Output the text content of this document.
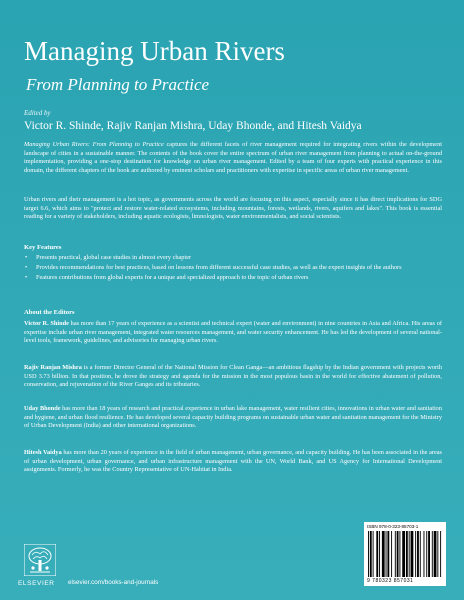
Managing Urban Rivers
From Planning to Practice
Edited by
Victor R. Shinde, Rajiv Ranjan Mishra, Uday Bhonde, and Hitesh Vaidya
Managing Urban Rivers: From Planning to Practice captures the different facets of river management required for integrating rivers within the development landscape of cities in a sustainable manner. The contents of the book cover the entire spectrum of urban river management from planning to actual on-the-ground implementation, providing a one-stop destination for knowledge on urban river management. Edited by a team of four experts with practical experience in this domain, the different chapters of the book are authored by eminent scholars and practitioners with expertise in specific areas of urban river management.
Urban rivers and their management is a hot topic, as governments across the world are focusing on this aspect, especially since it has direct implications for SDG target 6.6, which aims to "protect and restore water-related ecosystems, including mountains, forests, wetlands, rivers, aquifers and lakes". This book is essential reading for a variety of stakeholders, including aquatic ecologists, limnologists, water environmentalists, and social scientists.
Key Features
• Presents practical, global case studies in almost every chapter
• Provides recommendations for best practices, based on lessons from different successful case studies, as well as the expert insights of the authors
• Features contributions from global experts for a unique and specialized approach to the topic of urban rivers
About the Editors
Victor R. Shinde has more than 17 years of experience as a scientist and technical expert (water and environment) in nine countries in Asia and Africa. His areas of expertise include urban river management, integrated water resources management, and water security enhancement. He has led the development of several national-level tools, framework, guidelines, and advisories for managing urban rivers.
Rajiv Ranjan Mishra is a former Director General of the National Mission for Clean Ganga—an ambitious flagship by the Indian government with projects worth USD 3.73 billion. In that position, he drove the strategy and agenda for the mission in the most populous basin in the world for effective abatement of pollution, conservation, and rejuvenation of the River Ganges and its tributaries.
Uday Bhonde has more than 18 years of research and practical experience in urban lake management, water resilient cities, innovations in urban water and sanitation and hygiene, and urban flood resilience. He has developed several capacity building programs on sustainable urban water and sanitation management for the Ministry of Urban Development (India) and other international organizations.
Hitesh Vaidya has more than 20 years of experience in the field of urban management, urban governance, and capacity building. He has been associated in the areas of urban development, urban governance, and urban infrastructure management with the UN, World Bank, and US Agency for International Development assignments. Formerly, he was the Country Representative of UN-Habitat in India.
ELSEVIER elsevier.com/books-and-journals
ISBN 978-0-323-85703-1
9 780323 857031
